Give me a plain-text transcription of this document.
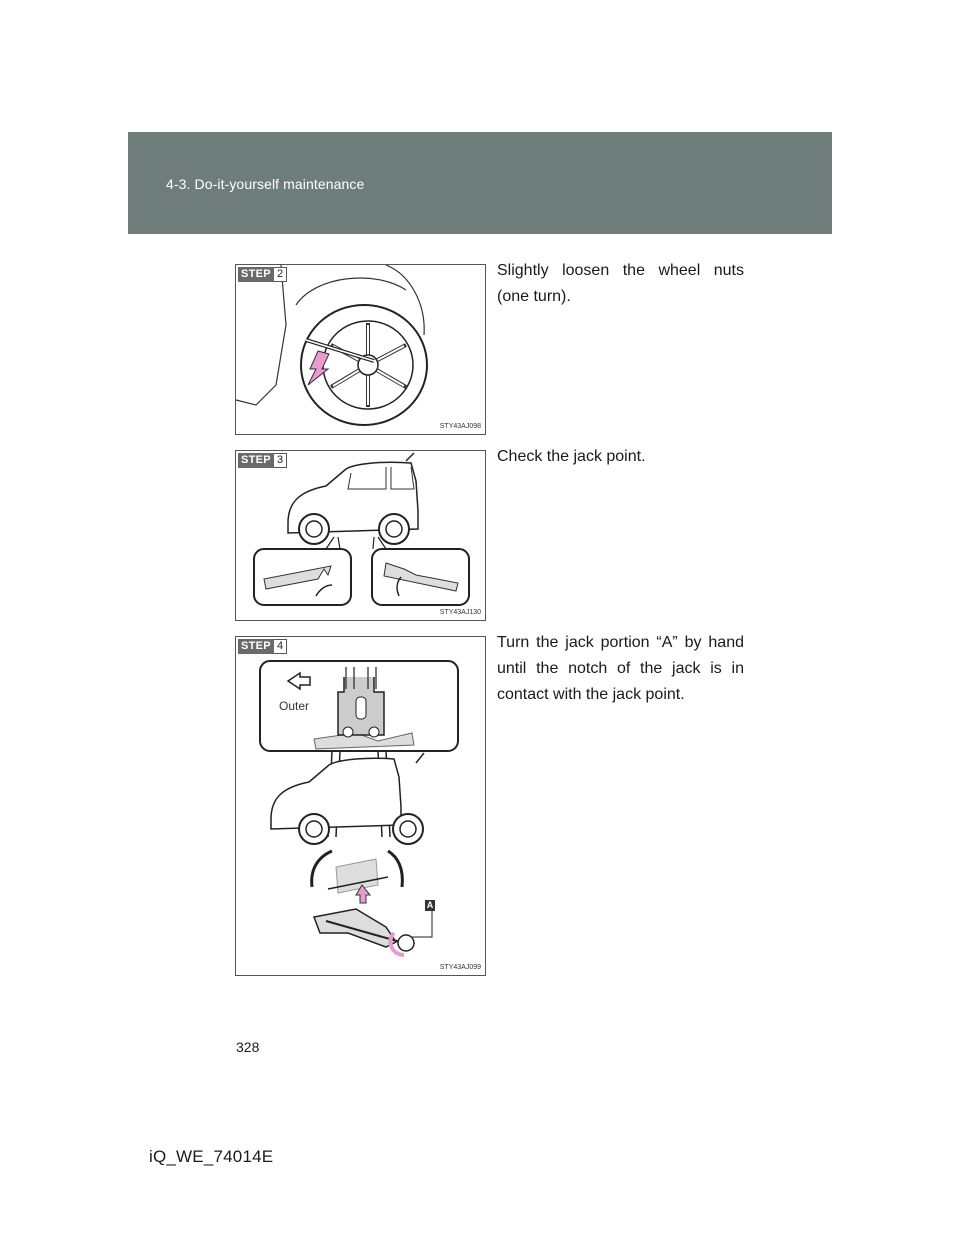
4-3. Do-it-yourself maintenance
STEP 2
STY43AJ098
Slightly loosen the wheel nuts (one turn).
STEP 3
STY43AJ130
Check the jack point.
STEP 4
Outer
A
STY43AJ099
Turn the jack portion “A” by hand until the notch of the jack is in contact with the jack point.
328
iQ_WE_74014E
